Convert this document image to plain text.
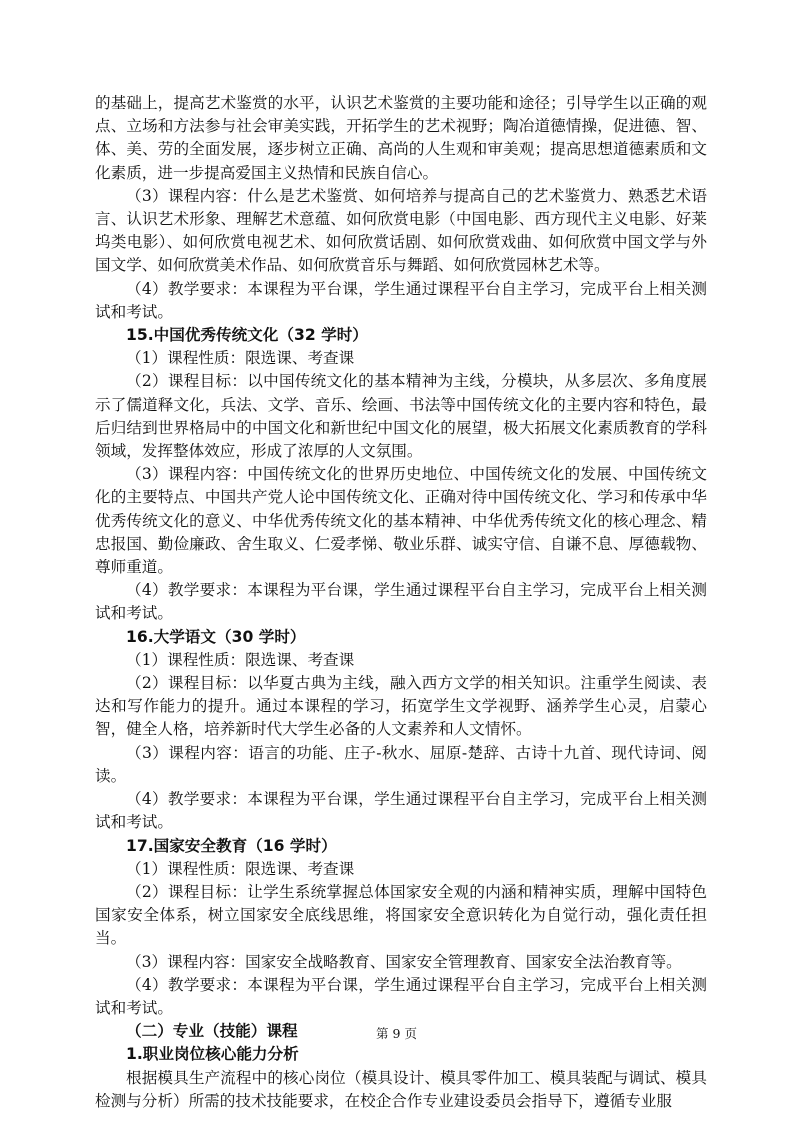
的基础上，提高艺术鉴赏的水平，认识艺术鉴赏的主要功能和途径；引导学生以正确的观点、立场和方法参与社会审美实践，开拓学生的艺术视野；陶冶道德情操，促进德、智、体、美、劳的全面发展，逐步树立正确、高尚的人生观和审美观；提高思想道德素质和文化素质，进一步提高爱国主义热情和民族自信心。

（3）课程内容：什么是艺术鉴赏、如何培养与提高自己的艺术鉴赏力、熟悉艺术语言、认识艺术形象、理解艺术意蕴、如何欣赏电影（中国电影、西方现代主义电影、好莱坞类电影）、如何欣赏电视艺术、如何欣赏话剧、如何欣赏戏曲、如何欣赏中国文学与外国文学、如何欣赏美术作品、如何欣赏音乐与舞蹈、如何欣赏园林艺术等。

（4）教学要求：本课程为平台课，学生通过课程平台自主学习，完成平台上相关测试和考试。

15.中国优秀传统文化（32 学时）

（1）课程性质：限选课、考查课

（2）课程目标：以中国传统文化的基本精神为主线，分模块，从多层次、多角度展示了儒道释文化，兵法、文学、音乐、绘画、书法等中国传统文化的主要内容和特色，最后归结到世界格局中的中国文化和新世纪中国文化的展望，极大拓展文化素质教育的学科领域，发挥整体效应，形成了浓厚的人文氛围。

（3）课程内容：中国传统文化的世界历史地位、中国传统文化的发展、中国传统文化的主要特点、中国共产党人论中国传统文化、正确对待中国传统文化、学习和传承中华优秀传统文化的意义、中华优秀传统文化的基本精神、中华优秀传统文化的核心理念、精忠报国、勤俭廉政、舍生取义、仁爱孝悌、敬业乐群、诚实守信、自谦不息、厚德载物、尊师重道。

（4）教学要求：本课程为平台课，学生通过课程平台自主学习，完成平台上相关测试和考试。

16.大学语文（30 学时）

（1）课程性质：限选课、考查课

（2）课程目标：以华夏古典为主线，融入西方文学的相关知识。注重学生阅读、表达和写作能力的提升。通过本课程的学习，拓宽学生文学视野、涵养学生心灵，启蒙心智，健全人格，培养新时代大学生必备的人文素养和人文情怀。

（3）课程内容：语言的功能、庄子-秋水、屈原-楚辞、古诗十九首、现代诗词、阅读。

（4）教学要求：本课程为平台课，学生通过课程平台自主学习，完成平台上相关测试和考试。

17.国家安全教育（16 学时）

（1）课程性质：限选课、考查课

（2）课程目标：让学生系统掌握总体国家安全观的内涵和精神实质，理解中国特色国家安全体系，树立国家安全底线思维，将国家安全意识转化为自觉行动，强化责任担当。

（3）课程内容：国家安全战略教育、国家安全管理教育、国家安全法治教育等。

（4）教学要求：本课程为平台课，学生通过课程平台自主学习，完成平台上相关测试和考试。

（二）专业（技能）课程

1.职业岗位核心能力分析

根据模具生产流程中的核心岗位（模具设计、模具零件加工、模具装配与调试、模具检测与分析）所需的技术技能要求，在校企合作专业建设委员会指导下，遵循专业服

第 9 页
